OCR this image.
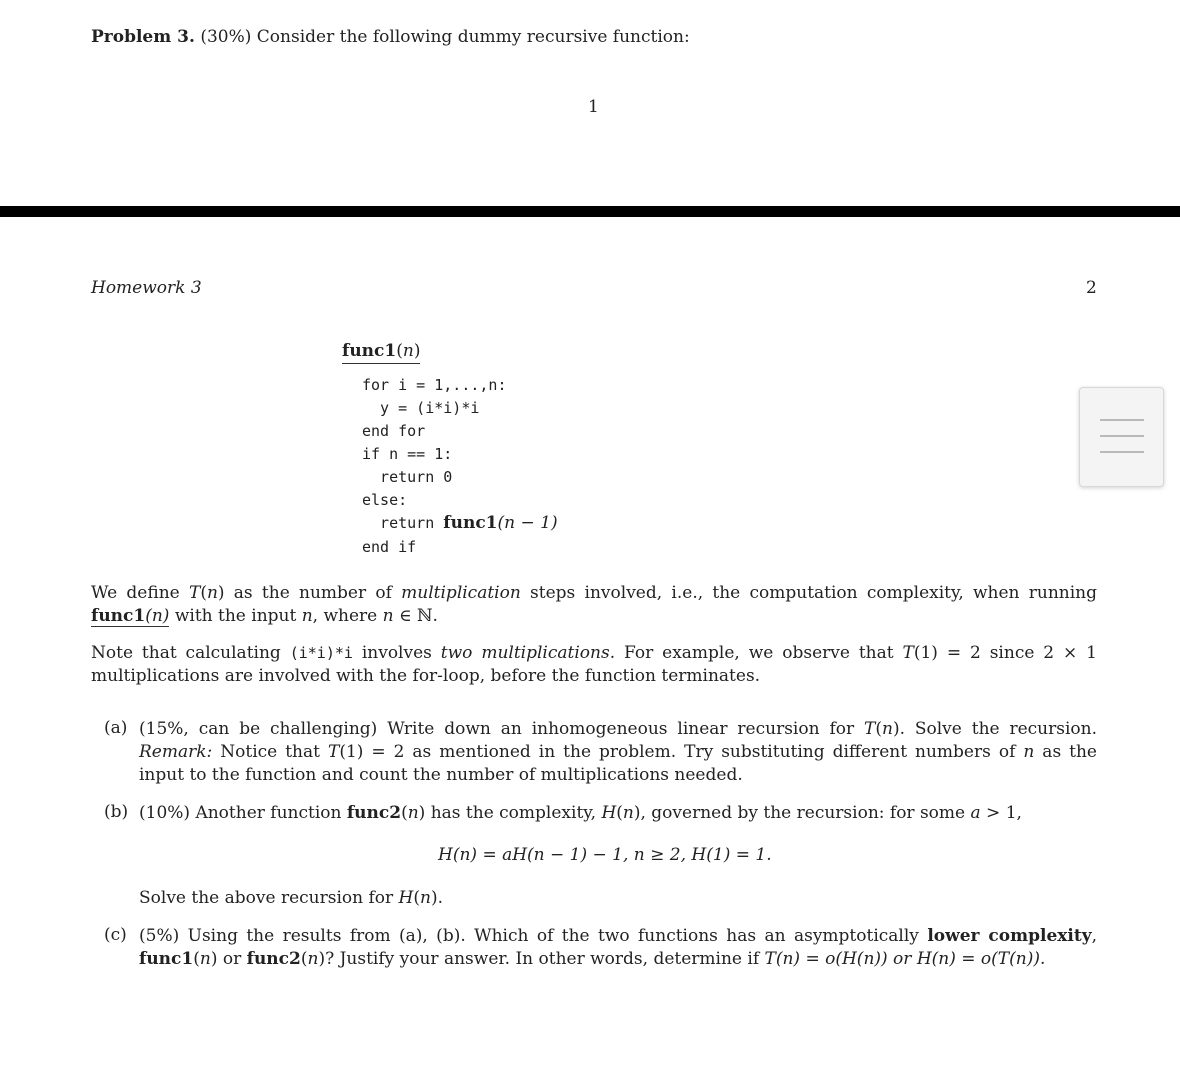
Problem 3. (30%) Consider the following dummy recursive function:
1
Homework 3	2
func1(n)
for i = 1,...,n:
y = (i*i)*i
end for
if n == 1:
return 0
else:
return func1(n − 1)
end if

We define T(n) as the number of multiplication steps involved, i.e., the computation complexity, when running func1(n) with the input n, where n ∈ ℕ.

Note that calculating (i*i)*i involves two multiplications. For example, we observe that T(1) = 2 since 2 × 1 multiplications are involved with the for-loop, before the function terminates.

(a) (15%, can be challenging) Write down an inhomogeneous linear recursion for T(n). Solve the recursion. Remark: Notice that T(1) = 2 as mentioned in the problem. Try substituting different numbers of n as the input to the function and count the number of multiplications needed.

(b) (10%) Another function func2(n) has the complexity, H(n), governed by the recursion: for some a > 1,

H(n) = aH(n − 1) − 1, n ≥ 2, H(1) = 1.

Solve the above recursion for H(n).

(c) (5%) Using the results from (a), (b). Which of the two functions has an asymptotically lower complexity, func1(n) or func2(n)? Justify your answer. In other words, determine if T(n) = o(H(n)) or H(n) = o(T(n)).
